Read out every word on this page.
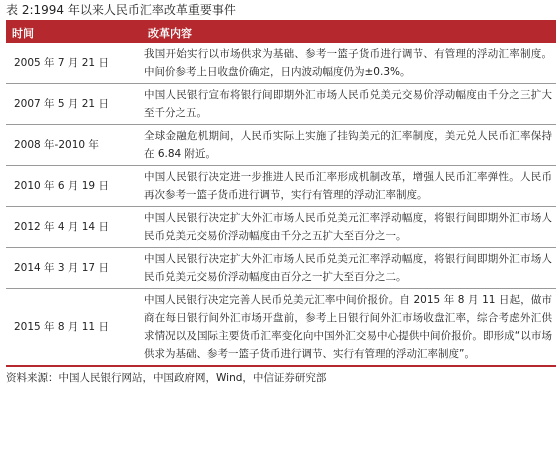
表 2:1994 年以来人民币汇率改革重要事件
时间	改革内容
2005 年 7 月 21 日	我国开始实行以市场供求为基础、参考一篮子货币进行调节、有管理的浮动汇率制度。中间价参考上日收盘价确定，日内波动幅度仍为±0.3%。
2007 年 5 月 21 日	中国人民银行宣布将银行间即期外汇市场人民币兑美元交易价浮动幅度由千分之三扩大至千分之五。
2008 年-2010 年	全球金融危机期间，人民币实际上实施了挂钩美元的汇率制度，美元兑人民币汇率保持在 6.84 附近。
2010 年 6 月 19 日	中国人民银行决定进一步推进人民币汇率形成机制改革，增强人民币汇率弹性。人民币再次参考一篮子货币进行调节，实行有管理的浮动汇率制度。
2012 年 4 月 14 日	中国人民银行决定扩大外汇市场人民币兑美元汇率浮动幅度，将银行间即期外汇市场人民币兑美元交易价浮动幅度由千分之五扩大至百分之一。
2014 年 3 月 17 日	中国人民银行决定扩大外汇市场人民币兑美元汇率浮动幅度，将银行间即期外汇市场人民币兑美元交易价浮动幅度由百分之一扩大至百分之二。
2015 年 8 月 11 日	中国人民银行决定完善人民币兑美元汇率中间价报价。自 2015 年 8 月 11 日起，做市商在每日银行间外汇市场开盘前，参考上日银行间外汇市场收盘汇率，综合考虑外汇供求情况以及国际主要货币汇率变化向中国外汇交易中心提供中间价报价。即形成“以市场供求为基础、参考一篮子货币进行调节、实行有管理的浮动汇率制度”。
资料来源：中国人民银行网站，中国政府网，Wind，中信证券研究部
